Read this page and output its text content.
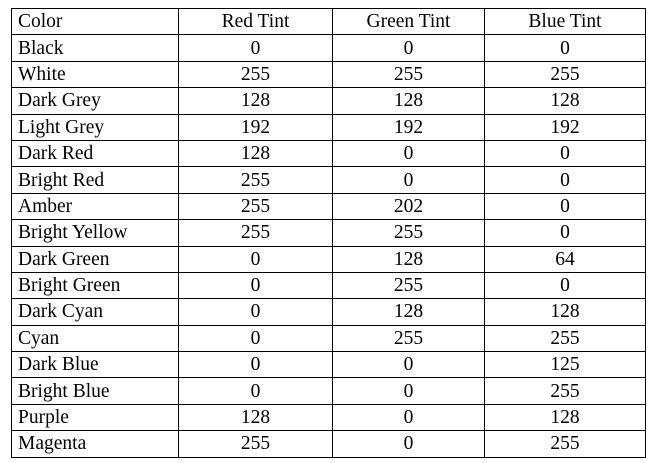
Color	Red Tint	Green Tint	Blue Tint
Black	0	0	0
White	255	255	255
Dark Grey	128	128	128
Light Grey	192	192	192
Dark Red	128	0	0
Bright Red	255	0	0
Amber	255	202	0
Bright Yellow	255	255	0
Dark Green	0	128	64
Bright Green	0	255	0
Dark Cyan	0	128	128
Cyan	0	255	255
Dark Blue	0	0	125
Bright Blue	0	0	255
Purple	128	0	128
Magenta	255	0	255
